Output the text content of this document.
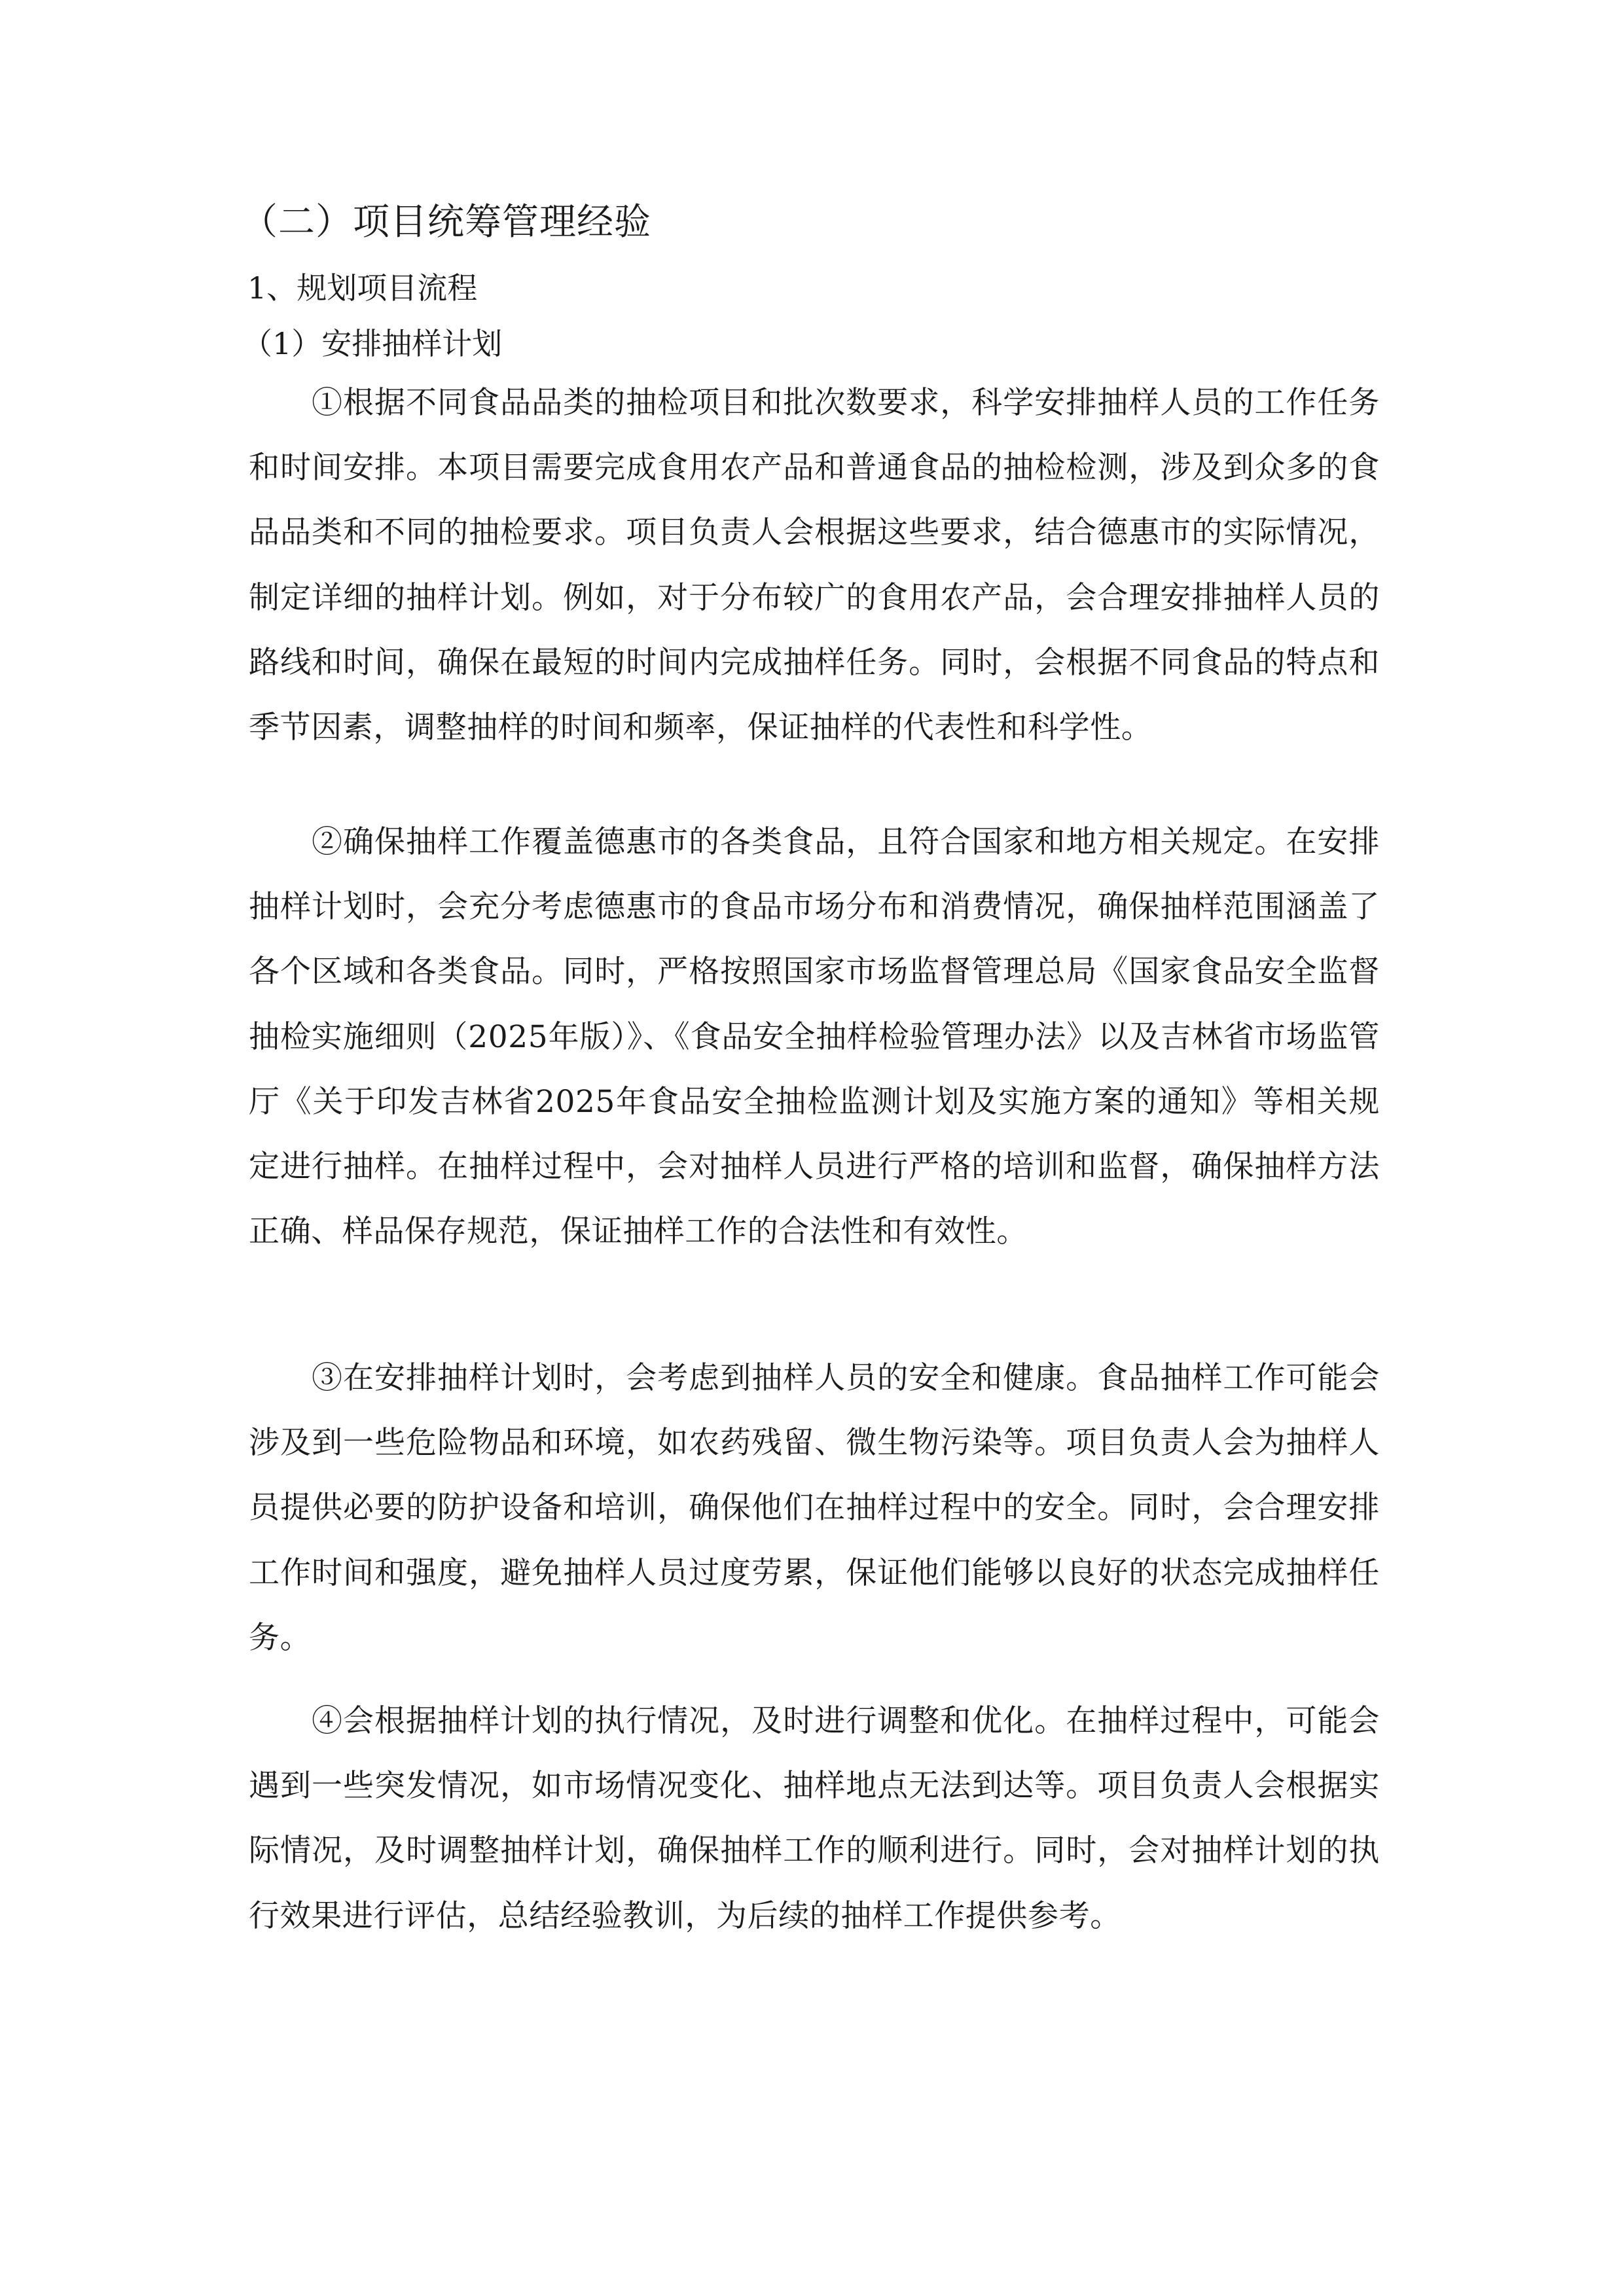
（二）项目统筹管理经验
1、规划项目流程
（1）安排抽样计划

①根据不同食品品类的抽检项目和批次数要求，科学安排抽样人员的工作任务和时间安排。本项目需要完成食用农产品和普通食品的抽检检测，涉及到众多的食品品类和不同的抽检要求。项目负责人会根据这些要求，结合德惠市的实际情况，制定详细的抽样计划。例如，对于分布较广的食用农产品，会合理安排抽样人员的路线和时间，确保在最短的时间内完成抽样任务。同时，会根据不同食品的特点和季节因素，调整抽样的时间和频率，保证抽样的代表性和科学性。

②确保抽样工作覆盖德惠市的各类食品，且符合国家和地方相关规定。在安排抽样计划时，会充分考虑德惠市的食品市场分布和消费情况，确保抽样范围涵盖了各个区域和各类食品。同时，严格按照国家市场监督管理总局《国家食品安全监督抽检实施细则（2025年版）》、《食品安全抽样检验管理办法》以及吉林省市场监管厅《关于印发吉林省2025年食品安全抽检监测计划及实施方案的通知》等相关规定进行抽样。在抽样过程中，会对抽样人员进行严格的培训和监督，确保抽样方法正确、样品保存规范，保证抽样工作的合法性和有效性。

③在安排抽样计划时，会考虑到抽样人员的安全和健康。食品抽样工作可能会涉及到一些危险物品和环境，如农药残留、微生物污染等。项目负责人会为抽样人员提供必要的防护设备和培训，确保他们在抽样过程中的安全。同时，会合理安排工作时间和强度，避免抽样人员过度劳累，保证他们能够以良好的状态完成抽样任务。

④会根据抽样计划的执行情况，及时进行调整和优化。在抽样过程中，可能会遇到一些突发情况，如市场情况变化、抽样地点无法到达等。项目负责人会根据实际情况，及时调整抽样计划，确保抽样工作的顺利进行。同时，会对抽样计划的执行效果进行评估，总结经验教训，为后续的抽样工作提供参考。
